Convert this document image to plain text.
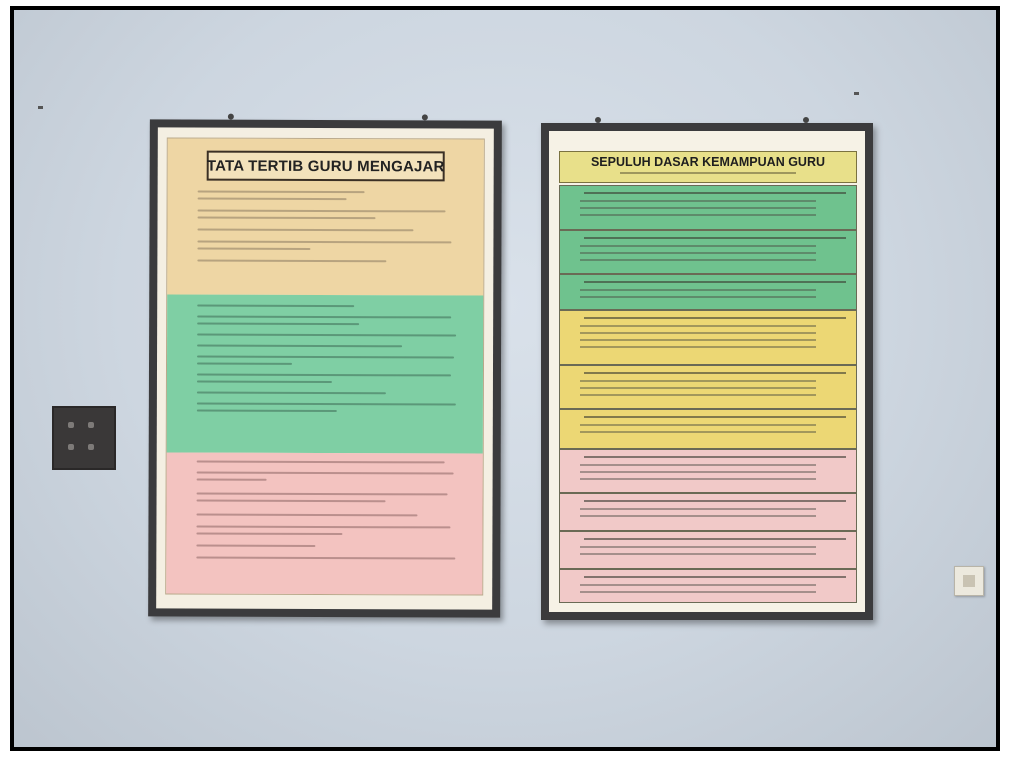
TATA TERTIB GURU MENGAJAR	SEPULUH DASAR KEMAMPUAN GURU
